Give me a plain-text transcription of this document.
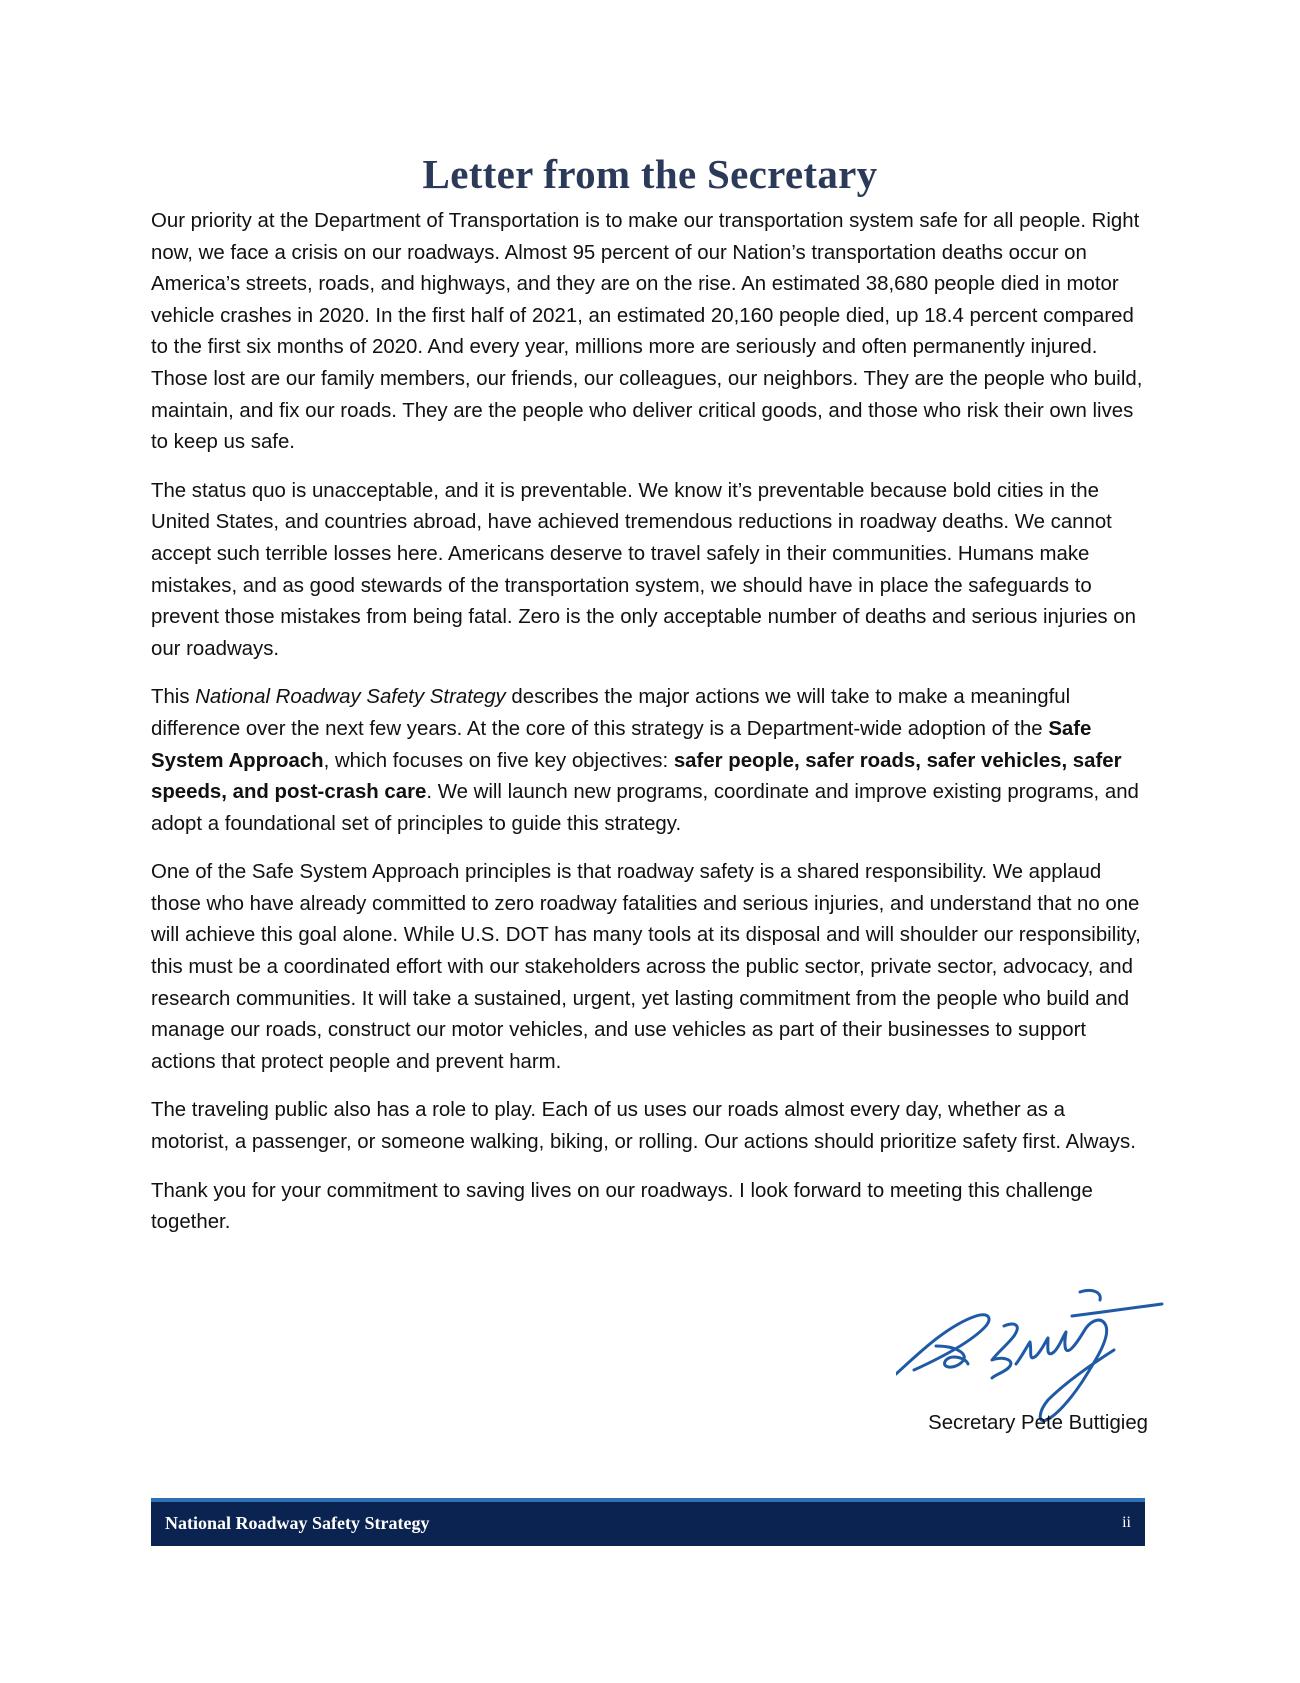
Letter from the Secretary

Our priority at the Department of Transportation is to make our transportation system safe for all people. Right now, we face a crisis on our roadways. Almost 95 percent of our Nation’s transportation deaths occur on America’s streets, roads, and highways, and they are on the rise. An estimated 38,680 people died in motor vehicle crashes in 2020. In the first half of 2021, an estimated 20,160 people died, up 18.4 percent compared to the first six months of 2020. And every year, millions more are seriously and often permanently injured. Those lost are our family members, our friends, our colleagues, our neighbors. They are the people who build, maintain, and fix our roads. They are the people who deliver critical goods, and those who risk their own lives to keep us safe.

The status quo is unacceptable, and it is preventable. We know it’s preventable because bold cities in the United States, and countries abroad, have achieved tremendous reductions in roadway deaths. We cannot accept such terrible losses here. Americans deserve to travel safely in their communities. Humans make mistakes, and as good stewards of the transportation system, we should have in place the safeguards to prevent those mistakes from being fatal. Zero is the only acceptable number of deaths and serious injuries on our roadways.

This National Roadway Safety Strategy describes the major actions we will take to make a meaningful difference over the next few years. At the core of this strategy is a Department-wide adoption of the Safe System Approach, which focuses on five key objectives: safer people, safer roads, safer vehicles, safer speeds, and post-crash care. We will launch new programs, coordinate and improve existing programs, and adopt a foundational set of principles to guide this strategy.

One of the Safe System Approach principles is that roadway safety is a shared responsibility. We applaud those who have already committed to zero roadway fatalities and serious injuries, and understand that no one will achieve this goal alone. While U.S. DOT has many tools at its disposal and will shoulder our responsibility, this must be a coordinated effort with our stakeholders across the public sector, private sector, advocacy, and research communities. It will take a sustained, urgent, yet lasting commitment from the people who build and manage our roads, construct our motor vehicles, and use vehicles as part of their businesses to support actions that protect people and prevent harm.

The traveling public also has a role to play. Each of us uses our roads almost every day, whether as a motorist, a passenger, or someone walking, biking, or rolling. Our actions should prioritize safety first. Always.

Thank you for your commitment to saving lives on our roadways. I look forward to meeting this challenge together.

Secretary Pete Buttigieg
National Roadway Safety Strategy	ii
